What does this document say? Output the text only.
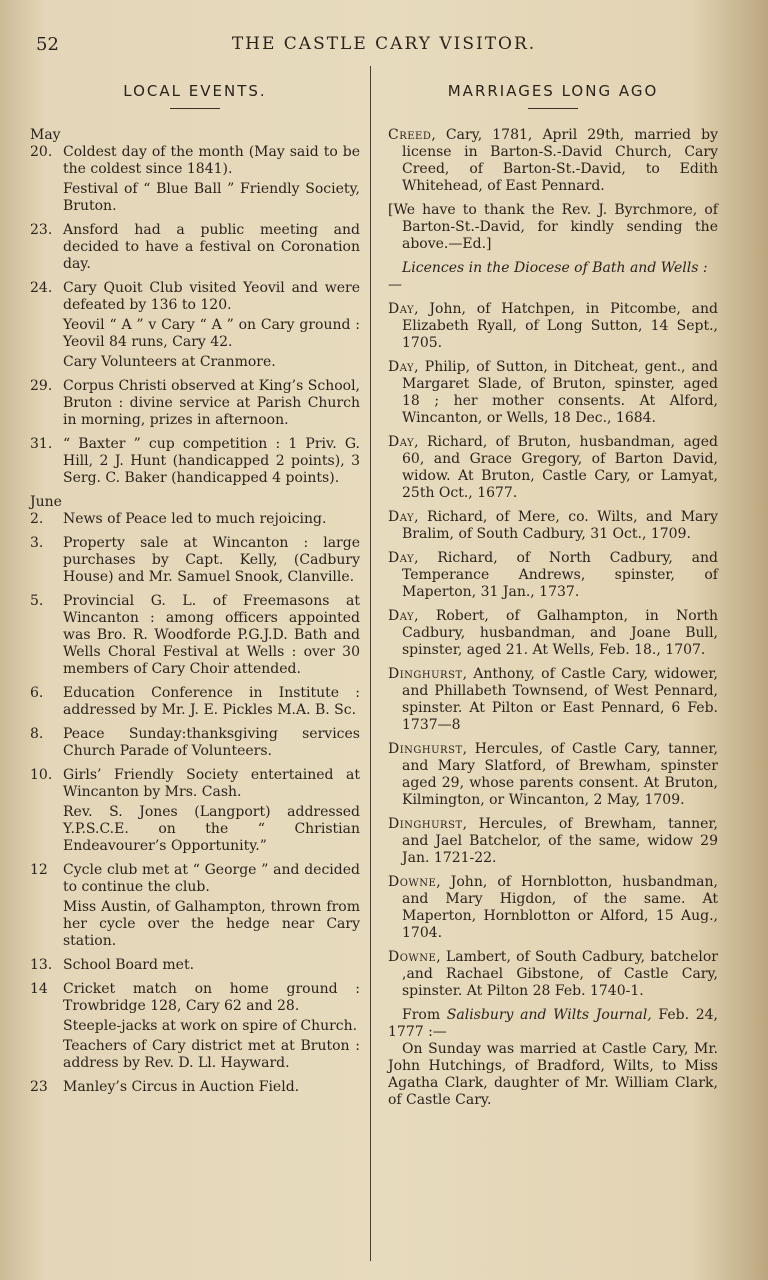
52	THE CASTLE CARY VISITOR.
LOCAL EVENTS.
May
20. Coldest day of the month (May said to be the coldest since 1841).

Festival of “ Blue Ball ” Friendly Society, Bruton.

23. Ansford had a public meeting and decided to have a festival on Coronation day.

24. Cary Quoit Club visited Yeovil and were defeated by 136 to 120.

Yeovil “ A ” v Cary “ A ” on Cary ground : Yeovil 84 runs, Cary 42.

Cary Volunteers at Cranmore.

29. Corpus Christi observed at King’s School, Bruton : divine service at Parish Church in morning, prizes in afternoon.

31. “ Baxter ” cup competition : 1 Priv. G. Hill, 2 J. Hunt (handicapped 2 points), 3 Serg. C. Baker (handicapped 4 points).

June
2.	News of Peace led to much rejoicing.

3.	Property sale at Wincanton : large purchases by Capt. Kelly, (Cadbury House) and Mr. Samuel Snook, Clanville.

5.	Provincial G. L. of Freemasons at Wincanton : among officers appointed was Bro. R. Woodforde P.G.J.D. Bath and Wells Choral Festival at Wells : over 30 members of Cary Choir attended.

6.	Education Conference in Institute : addressed by Mr. J. E. Pickles M.A. B. Sc.

8.	Peace Sunday:thanksgiving services Church Parade of Volunteers.

10. Girls’ Friendly Society entertained at Wincanton by Mrs. Cash.

Rev. S. Jones (Langport) addressed Y.P.S.C.E. on the “ Christian Endeavourer’s Opportunity.”

12	Cycle club met at “ George ” and decided to continue the club.

Miss Austin, of Galhampton, thrown from her cycle over the hedge near Cary station.

13. School Board met.

14	Cricket match on home ground : Trowbridge 128, Cary 62 and 28.

Steeple-jacks at work on spire of Church.

Teachers of Cary district met at Bruton : address by Rev. D. Ll. Hayward.

23	Manley’s Circus in Auction Field.

MARRIAGES LONG AGO
Creed, Cary, 1781, April 29th, married by license in Barton-S.-David Church, Cary Creed, of Barton-St.-David, to Edith Whitehead, of East Pennard.
[We have to thank the Rev. J. Byrchmore, of Barton-St.-David, for kindly sending the above.—Ed.]
Licences in the Diocese of Bath and Wells :—
Day, John, of Hatchpen, in Pitcombe, and Elizabeth Ryall, of Long Sutton, 14 Sept., 1705.
Day, Philip, of Sutton, in Ditcheat, gent., and Margaret Slade, of Bruton, spinster, aged 18 ; her mother consents. At Alford, Wincanton, or Wells, 18 Dec., 1684.
Day, Richard, of Bruton, husbandman, aged 60, and Grace Gregory, of Barton David, widow. At Bruton, Castle Cary, or Lamyat, 25th Oct., 1677.
Day, Richard, of Mere, co. Wilts, and Mary Bralim, of South Cadbury, 31 Oct., 1709.
Day, Richard, of North Cadbury, and Temperance Andrews, spinster, of Maperton, 31 Jan., 1737.
Day, Robert, of Galhampton, in North Cadbury, husbandman, and Joane Bull, spinster, aged 21. At Wells, Feb. 18., 1707.
Dinghurst, Anthony, of Castle Cary, widower, and Phillabeth Townsend, of West Pennard, spinster. At Pilton or East Pennard, 6 Feb. 1737—8
Dinghurst, Hercules, of Castle Cary, tanner, and Mary Slatford, of Brewham, spinster aged 29, whose parents consent. At Bruton, Kilmington, or Wincanton, 2 May, 1709.
Dinghurst, Hercules, of Brewham, tanner, and Jael Batchelor, of the same, widow 29 Jan. 1721-22.
Downe, John, of Hornblotton, husbandman, and Mary Higdon, of the same. At Maperton, Hornblotton or Alford, 15 Aug., 1704.
Downe, Lambert, of South Cadbury, batchelor ,and Rachael Gibstone, of Castle Cary, spinster. At Pilton 28 Feb. 1740-1.
From Salisbury and Wilts Journal, Feb. 24, 1777 :—
On Sunday was married at Castle Cary, Mr. John Hutchings, of Bradford, Wilts, to Miss Agatha Clark, daughter of Mr. William Clark, of Castle Cary.
